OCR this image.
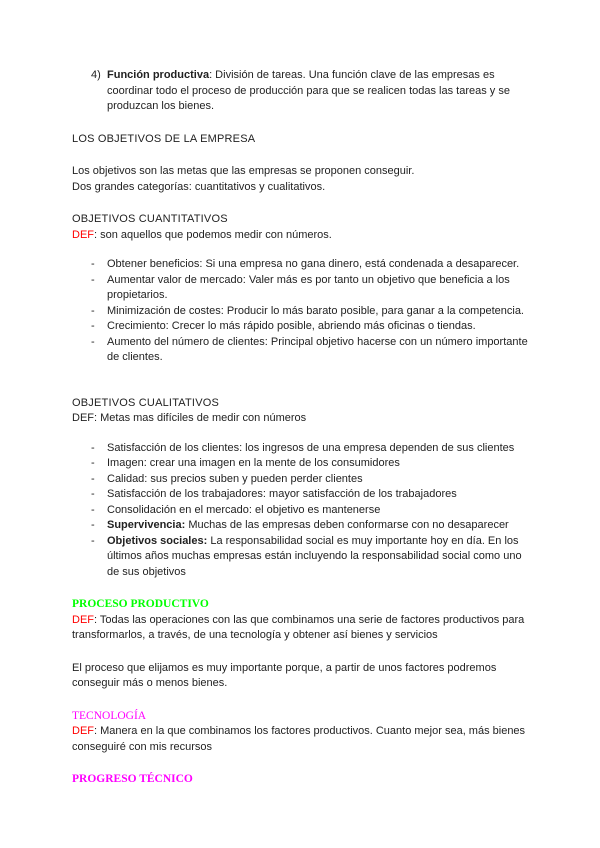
4) Función productiva: División de tareas. Una función clave de las empresas es coordinar todo el proceso de producción para que se realicen todas las tareas y se produzcan los bienes.
LOS OBJETIVOS DE LA EMPRESA
Los objetivos son las metas que las empresas se proponen conseguir.
Dos grandes categorías: cuantitativos y cualitativos.
OBJETIVOS CUANTITATIVOS
DEF: son aquellos que podemos medir con números.
- Obtener beneficios: Si una empresa no gana dinero, está condenada a desaparecer.
- Aumentar valor de mercado: Valer más es por tanto un objetivo que beneficia a los propietarios.
- Minimización de costes: Producir lo más barato posible, para ganar a la competencia.
- Crecimiento: Crecer lo más rápido posible, abriendo más oficinas o tiendas.
- Aumento del número de clientes: Principal objetivo hacerse con un número importante de clientes.
OBJETIVOS CUALITATIVOS
DEF: Metas mas difíciles de medir con números
- Satisfacción de los clientes: los ingresos de una empresa dependen de sus clientes
- Imagen: crear una imagen en la mente de los consumidores
- Calidad: sus precios suben y pueden perder clientes
- Satisfacción de los trabajadores: mayor satisfacción de los trabajadores
- Consolidación en el mercado: el objetivo es mantenerse
- Supervivencia: Muchas de las empresas deben conformarse con no desaparecer
- Objetivos sociales: La responsabilidad social es muy importante hoy en día. En los últimos años muchas empresas están incluyendo la responsabilidad social como uno de sus objetivos
PROCESO PRODUCTIVO
DEF: Todas las operaciones con las que combinamos una serie de factores productivos para transformarlos, a través, de una tecnología y obtener así bienes y servicios
El proceso que elijamos es muy importante porque, a partir de unos factores podremos conseguir más o menos bienes.
TECNOLOGÍA
DEF: Manera en la que combinamos los factores productivos. Cuanto mejor sea, más bienes conseguiré con mis recursos
PROGRESO TÉCNICO
